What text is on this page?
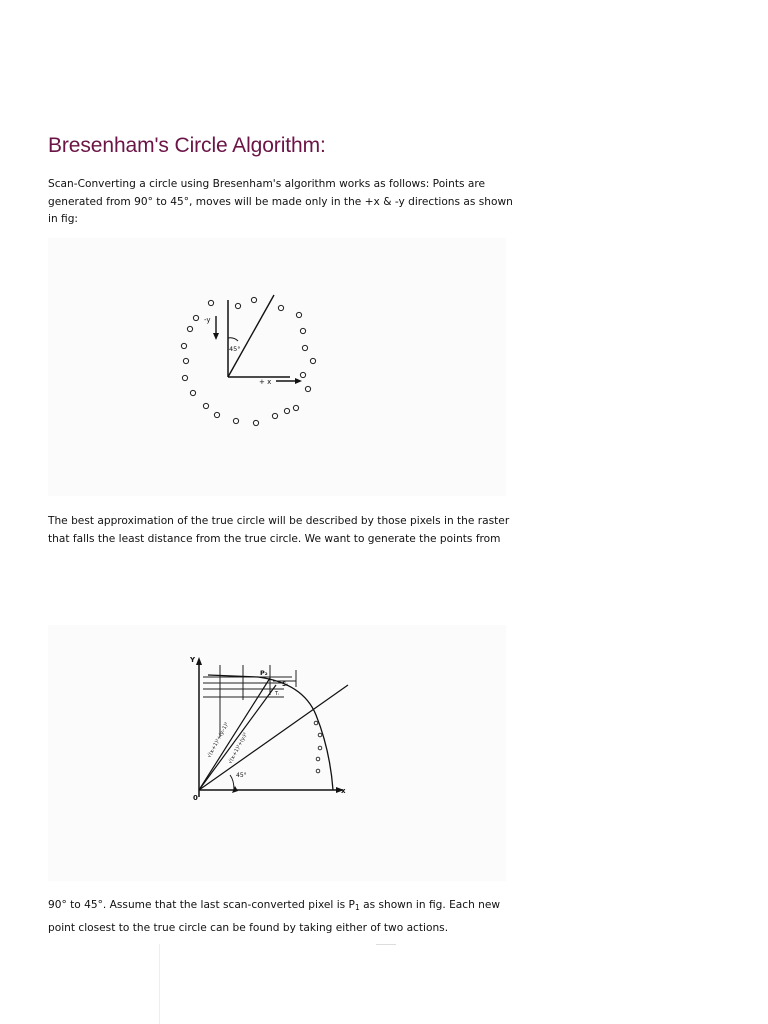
Bresenham's Circle Algorithm:

Scan-Converting a circle using Bresenham's algorithm works as follows: Points are generated from 90° to 45°, moves will be made only in the +x & -y directions as shown in fig:

-y
+ x
45°

The best approximation of the true circle will be described by those pixels in the raster that falls the least distance from the true circle. We want to generate the points from

Y
x
0
P₂
Sᵢ
Tᵢ
45°
√(xᵢ+1)²+(yᵢ-1)²
√(xᵢ+1)²+(yᵢ)²

90° to 45°. Assume that the last scan-converted pixel is $P_1$ as shown in fig. Each new point closest to the true circle can be found by taking either of two actions.
